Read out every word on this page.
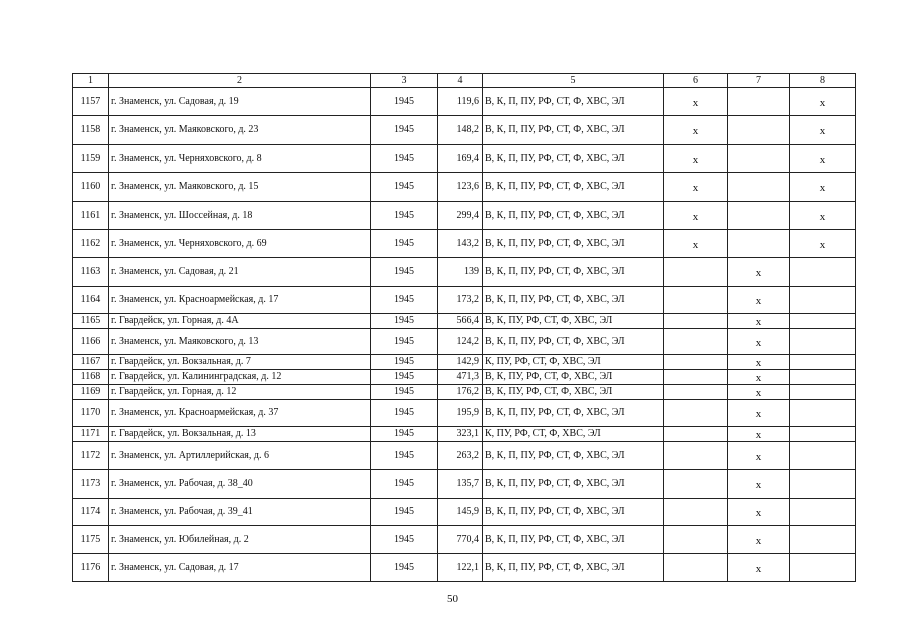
1	2	3	4	5	6	7	8
1157	г. Знаменск, ул. Садовая, д. 19	1945	119,6	В, К, П, ПУ, РФ, СТ, Ф, ХВС, ЭЛ	х		х
1158	г. Знаменск, ул. Маяковского, д. 23	1945	148,2	В, К, П, ПУ, РФ, СТ, Ф, ХВС, ЭЛ	х		х
1159	г. Знаменск, ул. Черняховского, д. 8	1945	169,4	В, К, П, ПУ, РФ, СТ, Ф, ХВС, ЭЛ	х		х
1160	г. Знаменск, ул. Маяковского, д. 15	1945	123,6	В, К, П, ПУ, РФ, СТ, Ф, ХВС, ЭЛ	х		х
1161	г. Знаменск, ул. Шоссейная, д. 18	1945	299,4	В, К, П, ПУ, РФ, СТ, Ф, ХВС, ЭЛ	х		х
1162	г. Знаменск, ул. Черняховского, д. 69	1945	143,2	В, К, П, ПУ, РФ, СТ, Ф, ХВС, ЭЛ	х		х
1163	г. Знаменск, ул. Садовая, д. 21	1945	139	В, К, П, ПУ, РФ, СТ, Ф, ХВС, ЭЛ		х	
1164	г. Знаменск, ул. Красноармейская, д. 17	1945	173,2	В, К, П, ПУ, РФ, СТ, Ф, ХВС, ЭЛ		х	
1165	г. Гвардейск, ул. Горная, д. 4А	1945	566,4	В, К, ПУ, РФ, СТ, Ф, ХВС, ЭЛ		х	
1166	г. Знаменск, ул. Маяковского, д. 13	1945	124,2	В, К, П, ПУ, РФ, СТ, Ф, ХВС, ЭЛ		х	
1167	г. Гвардейск, ул. Вокзальная, д. 7	1945	142,9	К, ПУ, РФ, СТ, Ф, ХВС, ЭЛ		х	
1168	г. Гвардейск, ул. Калининградская, д. 12	1945	471,3	В, К, ПУ, РФ, СТ, Ф, ХВС, ЭЛ		х	
1169	г. Гвардейск, ул. Горная, д. 12	1945	176,2	В, К, ПУ, РФ, СТ, Ф, ХВС, ЭЛ		х	
1170	г. Знаменск, ул. Красноармейская, д. 37	1945	195,9	В, К, П, ПУ, РФ, СТ, Ф, ХВС, ЭЛ		х	
1171	г. Гвардейск, ул. Вокзальная, д. 13	1945	323,1	К, ПУ, РФ, СТ, Ф, ХВС, ЭЛ		х	
1172	г. Знаменск, ул. Артиллерийская, д. 6	1945	263,2	В, К, П, ПУ, РФ, СТ, Ф, ХВС, ЭЛ		х	
1173	г. Знаменск, ул. Рабочая, д. 38_40	1945	135,7	В, К, П, ПУ, РФ, СТ, Ф, ХВС, ЭЛ		х	
1174	г. Знаменск, ул. Рабочая, д. 39_41	1945	145,9	В, К, П, ПУ, РФ, СТ, Ф, ХВС, ЭЛ		х	
1175	г. Знаменск, ул. Юбилейная, д. 2	1945	770,4	В, К, П, ПУ, РФ, СТ, Ф, ХВС, ЭЛ		х	
1176	г. Знаменск, ул. Садовая, д. 17	1945	122,1	В, К, П, ПУ, РФ, СТ, Ф, ХВС, ЭЛ		х	
50
